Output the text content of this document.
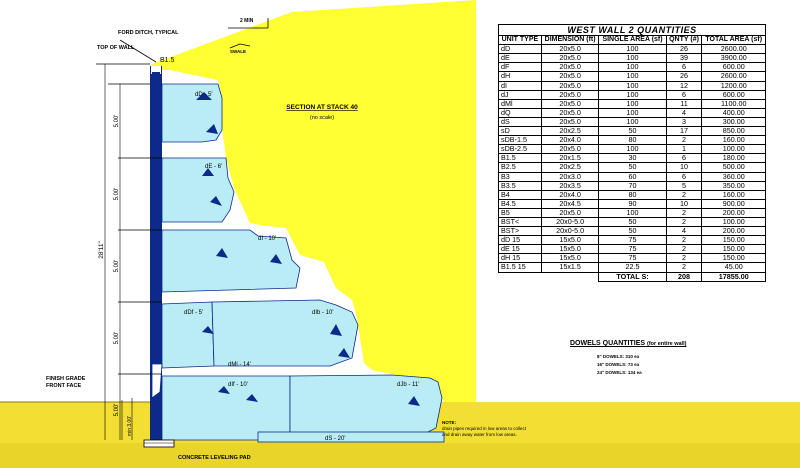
FORD DITCH, TYPICAL
TOP OF WALL
2 MIN
SWALE
B1.5
SECTION AT STACK 40
(no scale)
dD - 5'
dE - 6'
dI - 10'
dDf - 5'	dIb - 10'
dMl - 14'
dIf - 10'	dJb - 11'
dS - 20'
5.00'
5.00'
5.00'
5.00'
5.00'
28'11"
min 3.00'
FINISH GRADE
FRONT FACE
CONCRETE LEVELING PAD
WEST WALL 2 QUANTITIES
UNIT TYPE	DIMENSION (ft)	SINGLE AREA (sf)	QNTY (#)	TOTAL AREA (sf)
dD	20x5.0	100	26	2600.00
dE	20x5.0	100	39	3900.00
dF	20x5.0	100	6	600.00
dH	20x5.0	100	26	2600.00
dI	20x5.0	100	12	1200.00
dJ	20x5.0	100	6	600.00
dMl	20x5.0	100	11	1100.00
dQ	20x5.0	100	4	400.00
dS	20x5.0	100	3	300.00
sD	20x2.5	50	17	850.00
sDB-1.5	20x4.0	80	2	160.00
sDB-2.5	20x5.0	100	1	100.00
B1.5	20x1.5	30	6	180.00
B2.5	20x2.5	50	10	500.00
B3	20x3.0	60	6	360.00
B3.5	20x3.5	70	5	350.00
B4	20x4.0	80	2	160.00
B4.5	20x4.5	90	10	900.00
B5	20x5.0	100	2	200.00
BST<	20x0-5.0	50	2	100.00
BST>	20x0-5.0	50	4	200.00
dD 15	15x5.0	75	2	150.00
dE 15	15x5.0	75	2	150.00
dH 15	15x5.0	75	2	150.00
B1.5 15	15x1.5	22.5	2	45.00
		TOTAL S:	208	17855.00
DOWELS QUANTITIES (for entire wall)
8" DOWELS: 310 ea
16" DOWELS: 73 ea
24" DOWELS: 134 ea
NOTE:
drain pipes required in low areas to collect
and drain away water from low areas.
